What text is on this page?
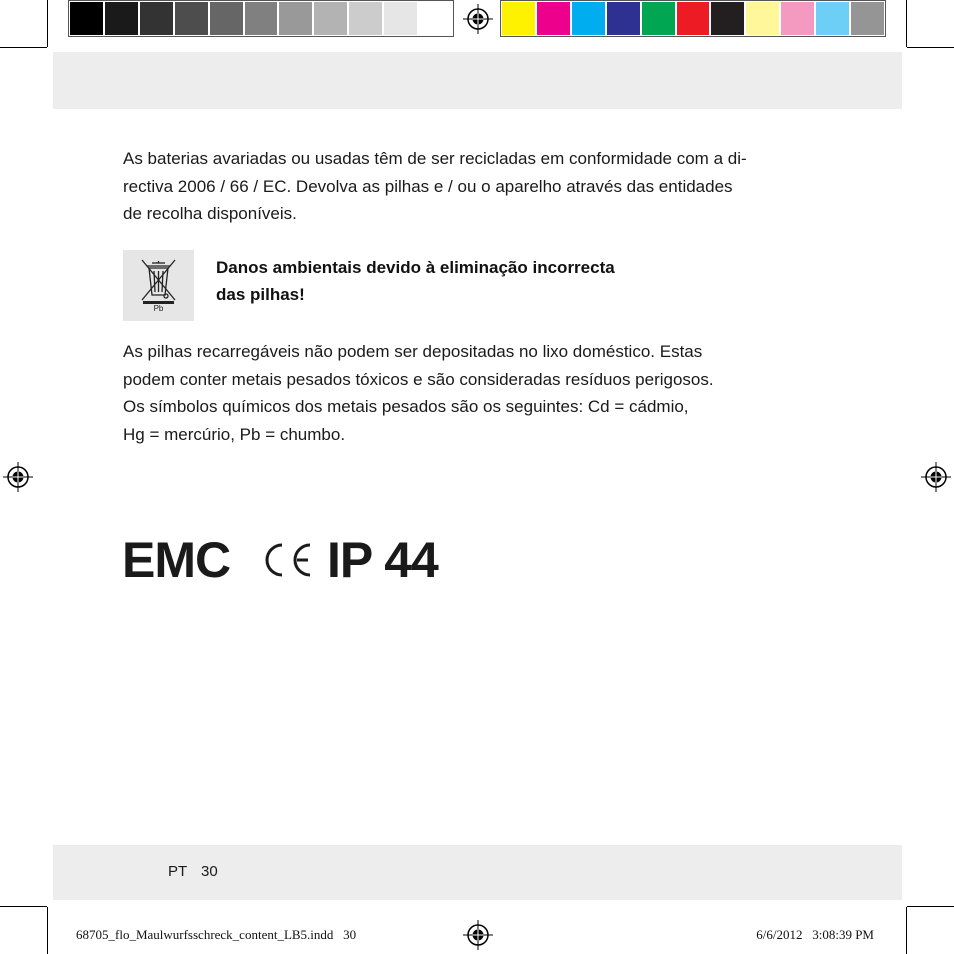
As baterias avariadas ou usadas têm de ser recicladas em conformidade com a di-
rectiva 2006 / 66 / EC. Devolva as pilhas e / ou o aparelho através das entidades
de recolha disponíveis.

Pb

Danos ambientais devido à eliminação incorrecta
das pilhas!

As pilhas recarregáveis não podem ser depositadas no lixo doméstico. Estas
podem conter metais pesados tóxicos e são consideradas resíduos perigosos.
Os símbolos químicos dos metais pesados são os seguintes: Cd = cádmio,
Hg = mercúrio, Pb = chumbo.

EMC IP 44
PT 30
68705_flo_Maulwurfsschreck_content_LB5.indd   30	6/6/2012   3:08:39 PM
